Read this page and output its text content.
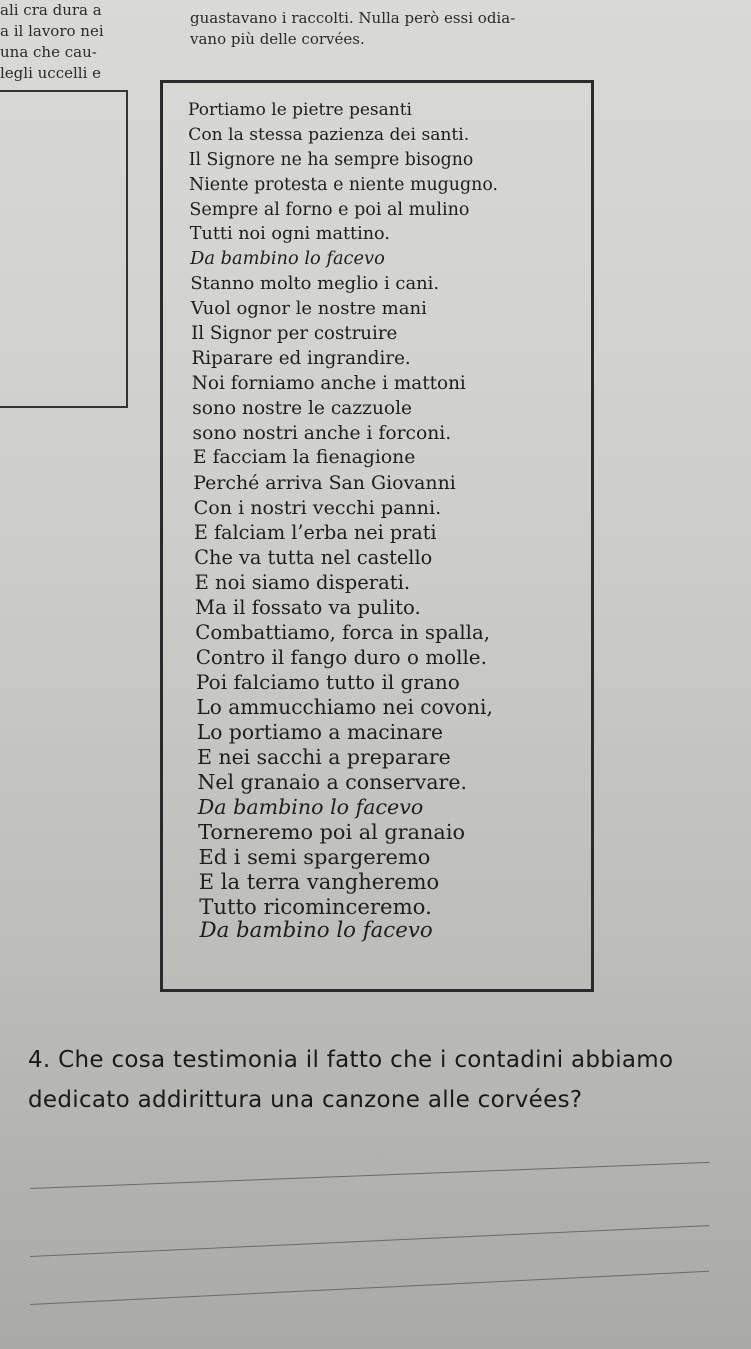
ali cra dura a
a il lavoro nei
una che cau-
legli uccelli e
guastavano i raccolti. Nulla però essi odia-
vano più delle corvées.
Portiamo le pietre pesanti
Con la stessa pazienza dei santi.
Il Signore ne ha sempre bisogno
Niente protesta e niente mugugno.
Sempre al forno e poi al mulino
Tutti noi ogni mattino.
Da bambino lo facevo
Stanno molto meglio i cani.
Vuol ognor le nostre mani
Il Signor per costruire
Riparare ed ingrandire.
Noi forniamo anche i mattoni
sono nostre le cazzuole
sono nostri anche i forconi.
E facciam la fienagione
Perché arriva San Giovanni
Con i nostri vecchi panni.
E falciam l’erba nei prati
Che va tutta nel castello
E noi siamo disperati.
Ma il fossato va pulito.
Combattiamo, forca in spalla,
Contro il fango duro o molle.
Poi falciamo tutto il grano
Lo ammucchiamo nei covoni,
Lo portiamo a macinare
E nei sacchi a preparare
Nel granaio a conservare.
Da bambino lo facevo
Torneremo poi al granaio
Ed i semi spargeremo
E la terra vangheremo
Tutto ricominceremo.
Da bambino lo facevo
4. Che cosa testimonia il fatto che i contadini abbiamo dedicato addirittura una canzone alle corvées?
